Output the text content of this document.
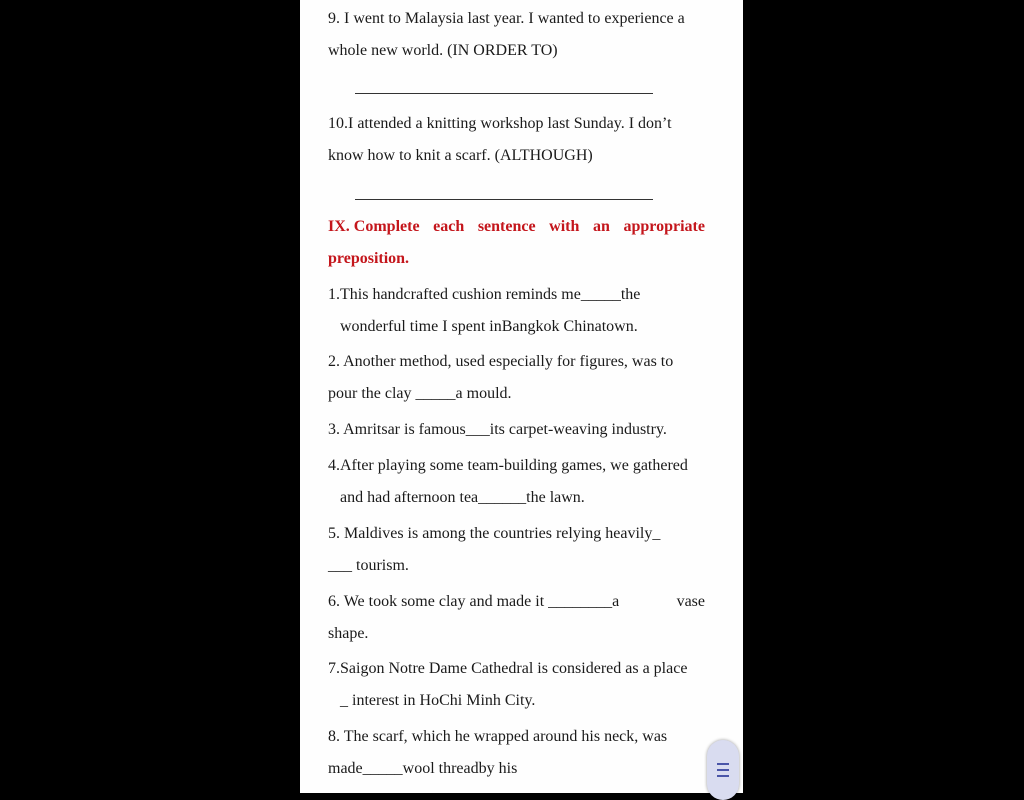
9. I went to Malaysia last year. I wanted to experience a
whole new world. (IN ORDER TO)
10.I attended a knitting workshop last Sunday. I don’t
know how to knit a scarf. (ALTHOUGH)
IX. Complete each sentence with an appropriate
preposition.
1.This handcrafted cushion reminds me_____the
wonderful time I spent inBangkok Chinatown.
2. Another method, used especially for figures, was to
pour the clay _____a mould.
3. Amritsar is famous___its carpet-weaving industry.
4.After playing some team-building games, we gathered
and had afternoon tea______the lawn.
5. Maldives is among the countries relying heavily_
___ tourism.
6. We took some clay and made it ________a	vase
shape.
7.Saigon Notre Dame Cathedral is considered as a place
_ interest in HoChi Minh City.
8. The scarf, which he wrapped around his neck, was
made_____wool threadby his
